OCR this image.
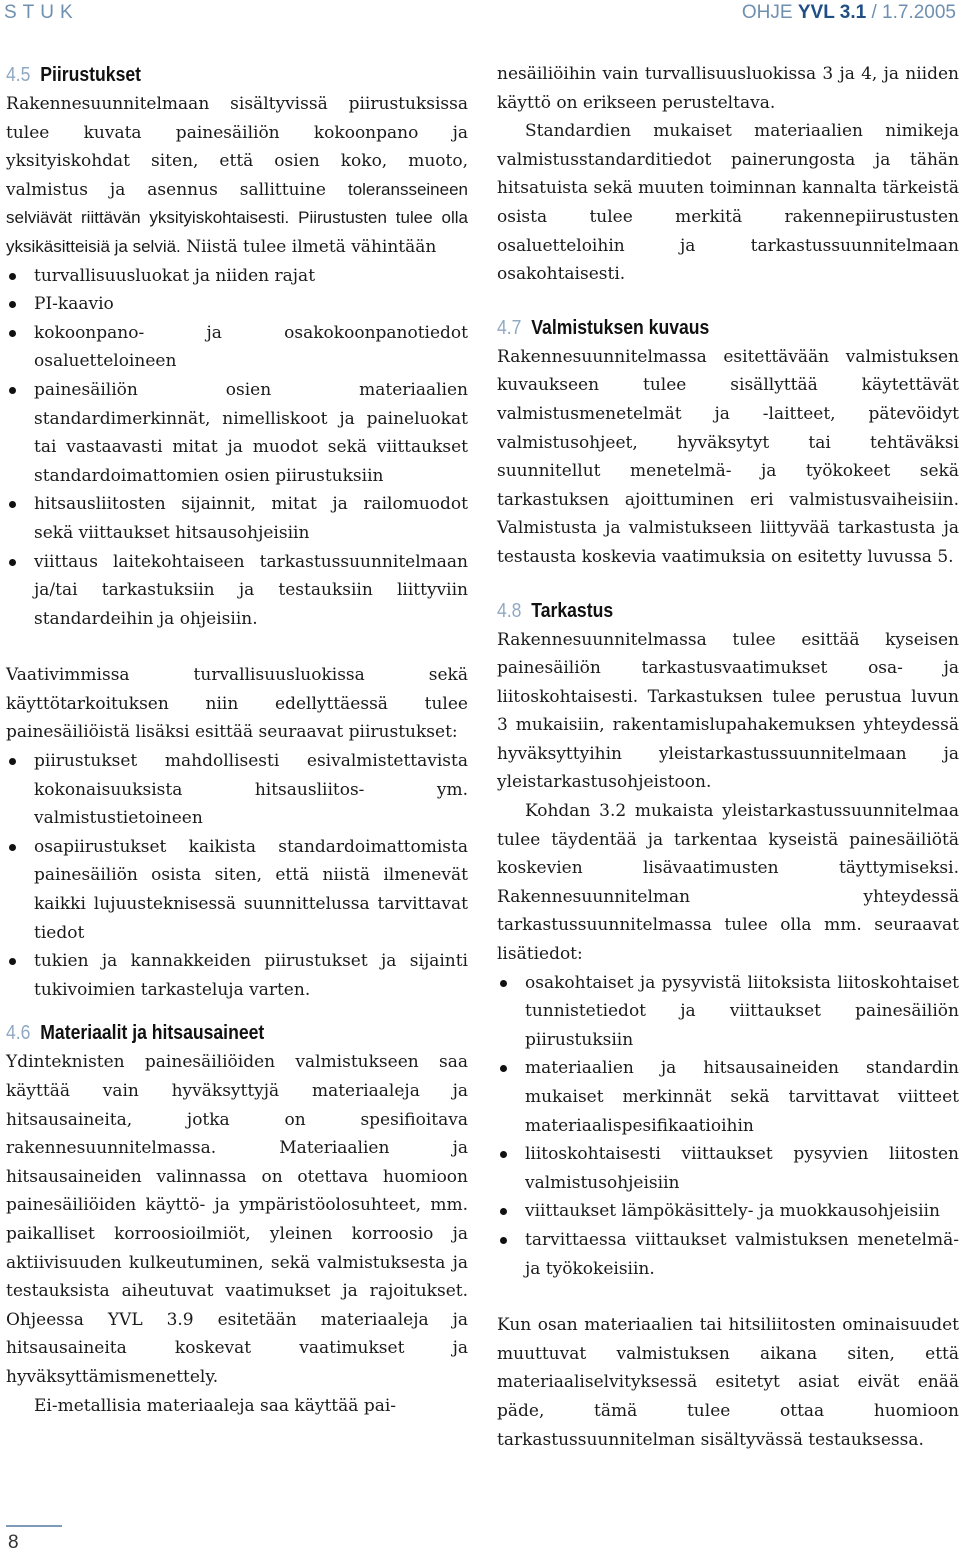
STUK	OHJE YVL 3.1 / 1.7.2005
4.5 Piirustukset

Rakennesuunnitelmaan sisältyvissä piirustuksissa tulee kuvata painesäiliön kokoonpano ja yksityiskohdat siten, että osien koko, muoto, valmistus ja asennus sallittuine toleransseineen selviävät riittävän yksityiskohtaisesti. Piirustusten tulee olla yksikäsitteisiä ja selviä. Niistä tulee ilmetä vähintään

turvallisuusluokat ja niiden rajat
PI-kaavio
kokoonpano- ja osakokoonpanotiedot osaluetteloineen
painesäiliön osien materiaalien standardimerkinnät, nimelliskoot ja paineluokat tai vastaavasti mitat ja muodot sekä viittaukset standardoimattomien osien piirustuksiin
hitsausliitosten sijainnit, mitat ja railomuodot sekä viittaukset hitsausohjeisiin
viittaus laitekohtaiseen tarkastussuunnitelmaan ja/tai tarkastuksiin ja testauksiin liittyviin standardeihin ja ohjeisiin.

Vaativimmissa turvallisuusluokissa sekä käyttötarkoituksen niin edellyttäessä tulee painesäiliöistä lisäksi esittää seuraavat piirustukset:

piirustukset mahdollisesti esivalmistettavista kokonaisuuksista hitsausliitos- ym. valmistustietoineen
osapiirustukset kaikista standardoimattomista painesäiliön osista siten, että niistä ilmenevät kaikki lujuusteknisessä suunnittelussa tarvittavat tiedot
tukien ja kannakkeiden piirustukset ja sijainti tukivoimien tarkasteluja varten.
4.6 Materiaalit ja hitsausaineet

Ydinteknisten painesäiliöiden valmistukseen saa käyttää vain hyväksyttyjä materiaaleja ja hitsausaineita, jotka on spesifioitava rakennesuunnitelmassa. Materiaalien ja hitsausaineiden valinnassa on otettava huomioon painesäiliöiden käyttö- ja ympäristöolosuhteet, mm. paikalliset korroosioilmiöt, yleinen korroosio ja aktiivisuuden kulkeutuminen, sekä valmistuksesta ja testauksista aiheutuvat vaatimukset ja rajoitukset. Ohjeessa YVL 3.9 esitetään materiaaleja ja hitsausaineita koskevat vaatimukset ja hyväksyttämismenettely.

Ei-metallisia materiaaleja saa käyttää pai-

nesäiliöihin vain turvallisuusluokissa 3 ja 4, ja niiden käyttö on erikseen perusteltava.

Standardien mukaiset materiaalien nimikeja valmistusstandarditiedot painerungosta ja tähän hitsatuista sekä muuten toiminnan kannalta tärkeistä osista tulee merkitä rakennepiirustusten osaluetteloihin ja tarkastussuunnitelmaan osakohtaisesti.

4.7 Valmistuksen kuvaus

Rakennesuunnitelmassa esitettävään valmistuksen kuvaukseen tulee sisällyttää käytettävät valmistusmenetelmät ja -laitteet, pätevöidyt valmistusohjeet, hyväksytyt tai tehtäväksi suunnitellut menetelmä- ja työkokeet sekä tarkastuksen ajoittuminen eri valmistusvaiheisiin. Valmistusta ja valmistukseen liittyvää tarkastusta ja testausta koskevia vaatimuksia on esitetty luvussa 5.

4.8 Tarkastus

Rakennesuunnitelmassa tulee esittää kyseisen painesäiliön tarkastusvaatimukset osa- ja liitoskohtaisesti. Tarkastuksen tulee perustua luvun 3 mukaisiin, rakentamislupahakemuksen yhteydessä hyväksyttyihin yleistarkastussuunnitelmaan ja yleistarkastusohjeistoon.

Kohdan 3.2 mukaista yleistarkastussuunnitelmaa tulee täydentää ja tarkentaa kyseistä painesäiliötä koskevien lisävaatimusten täyttymiseksi. Rakennesuunnitelman yhteydessä tarkastussuunnitelmassa tulee olla mm. seuraavat lisätiedot:

osakohtaiset ja pysyvistä liitoksista liitoskohtaiset tunnistetiedot ja viittaukset painesäiliön piirustuksiin
materiaalien ja hitsausaineiden standardin mukaiset merkinnät sekä tarvittavat viitteet materiaalispesifikaatioihin
liitoskohtaisesti viittaukset pysyvien liitosten valmistusohjeisiin
viittaukset lämpökäsittely- ja muokkausohjeisiin
tarvittaessa viittaukset valmistuksen menetelmä- ja työkokeisiin.

Kun osan materiaalien tai hitsiliitosten ominaisuudet muuttuvat valmistuksen aikana siten, että materiaaliselvityksessä esitetyt asiat eivät enää päde, tämä tulee ottaa huomioon tarkastussuunnitelman sisältyvässä testauksessa.

8
